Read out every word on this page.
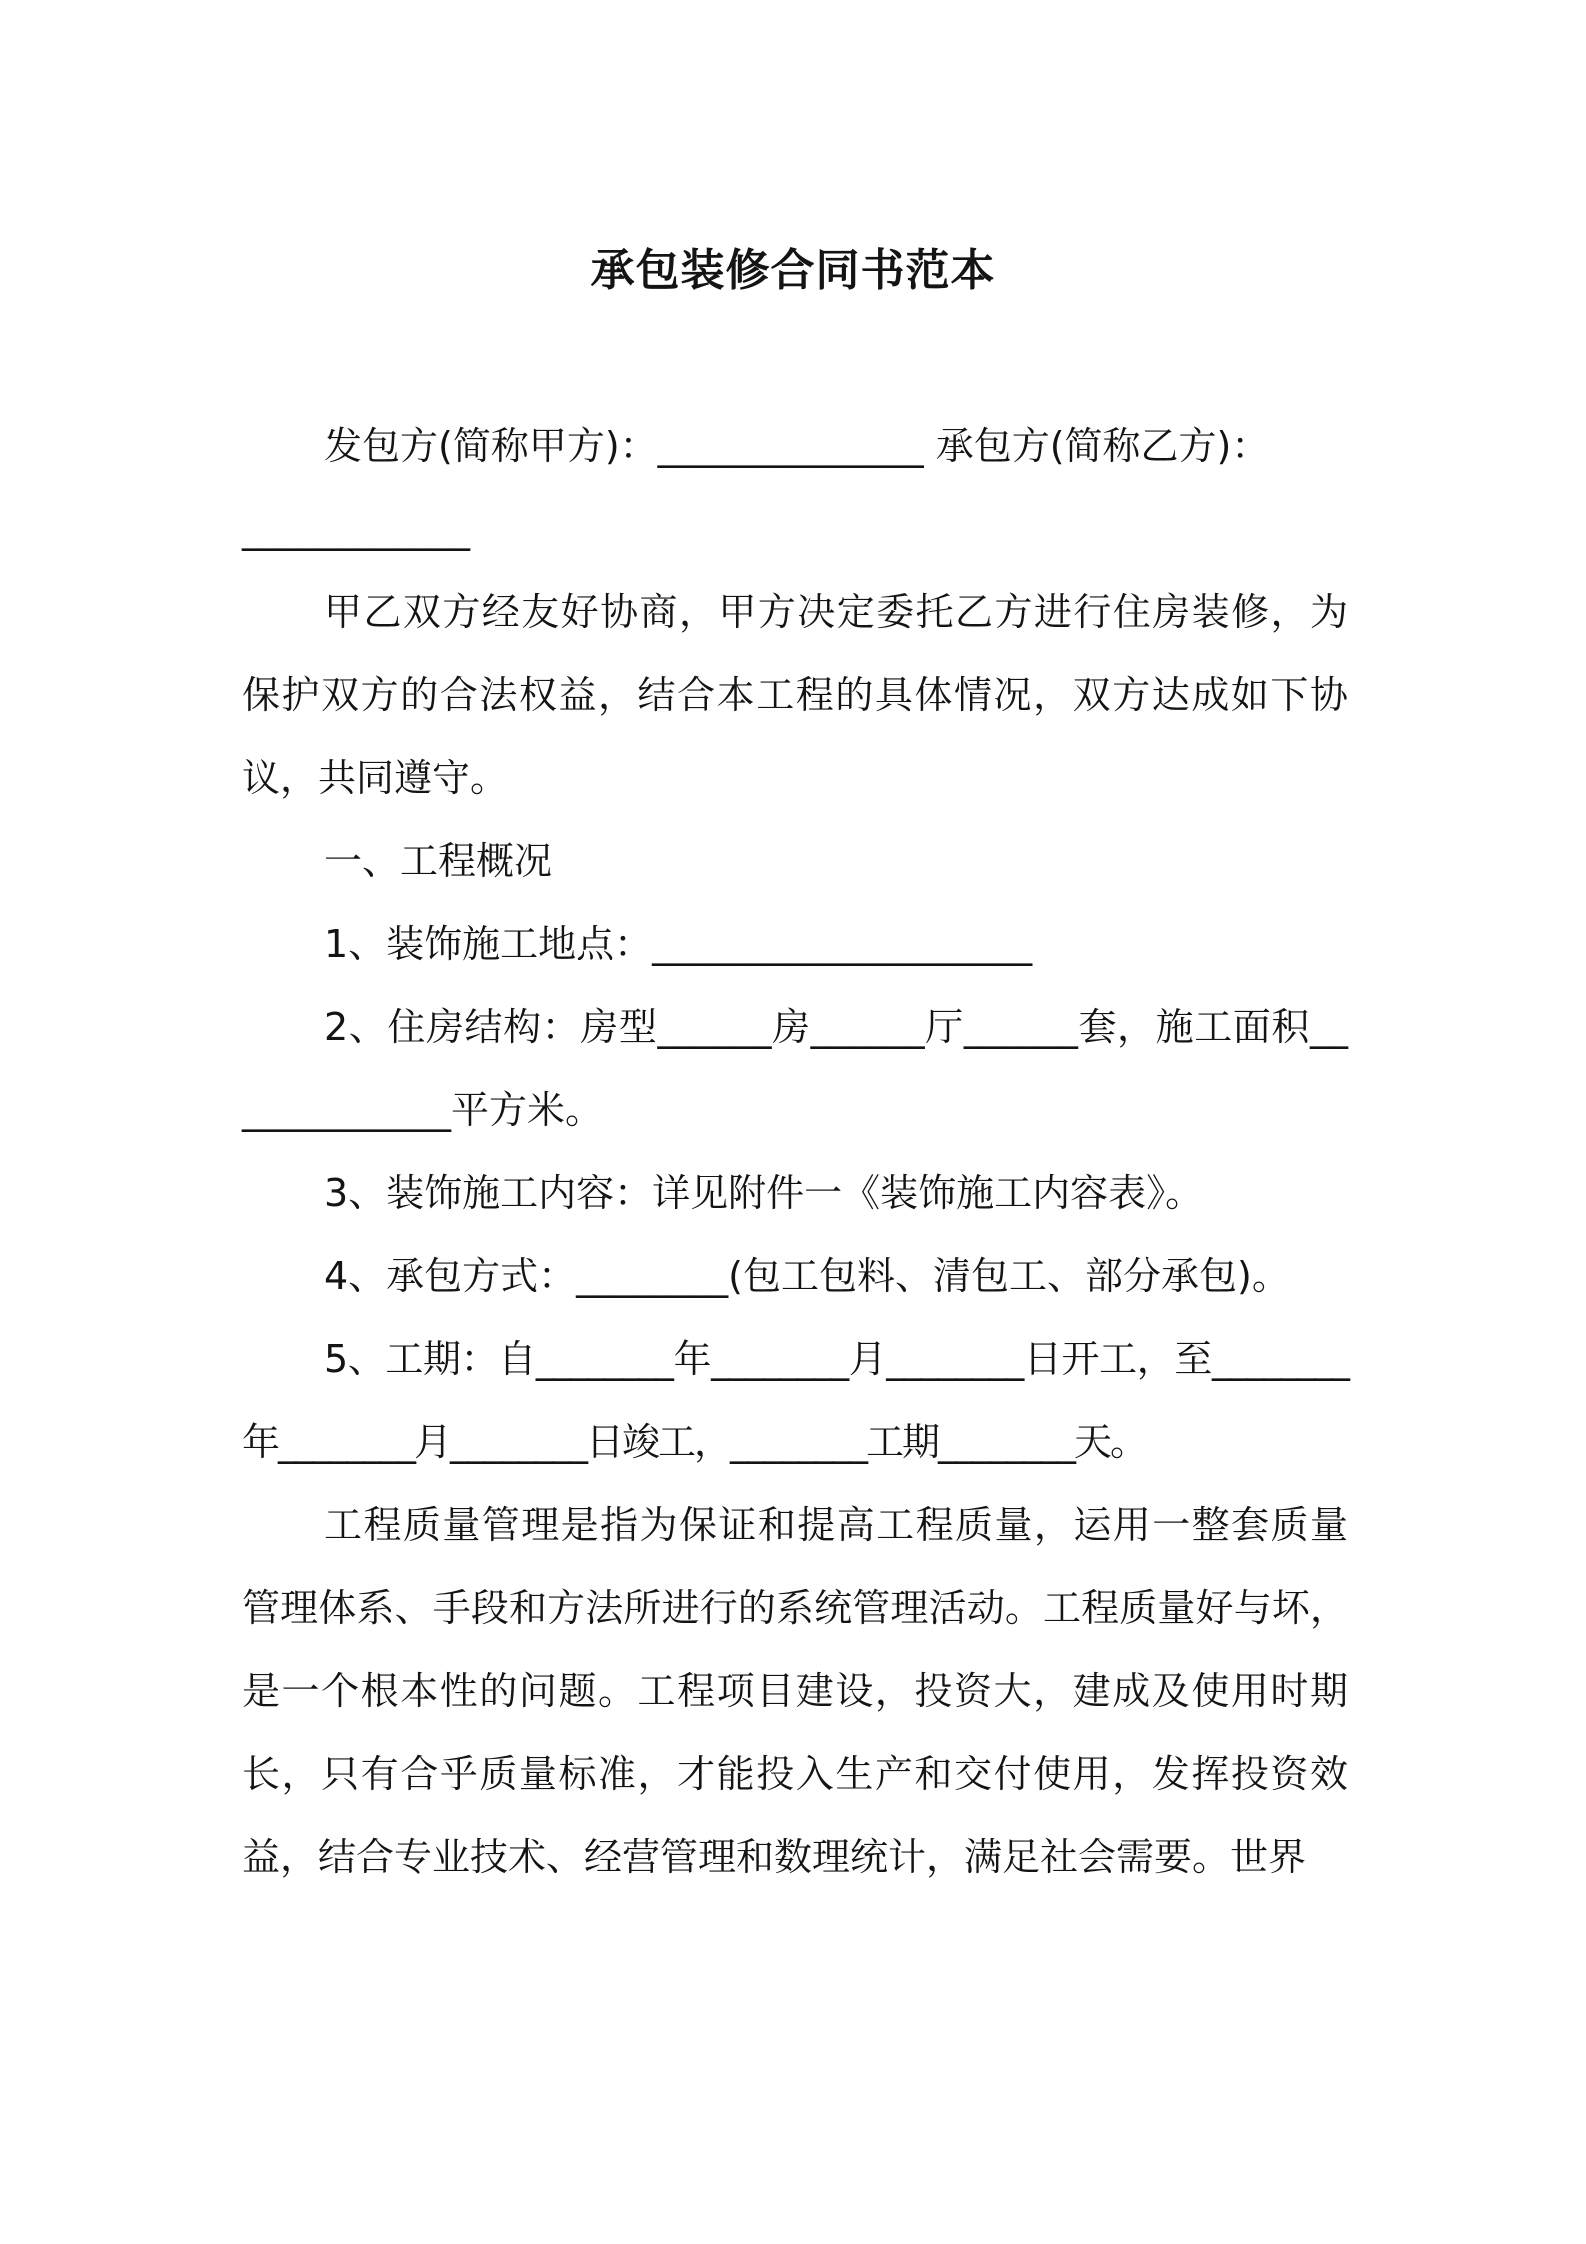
承包装修合同书范本

发包方(简称甲方)：______________ 承包方(简称乙方)：

____________

甲乙双方经友好协商，甲方决定委托乙方进行住房装修，为保护双方的合法权益，结合本工程的具体情况，双方达成如下协议，共同遵守。

一、工程概况

1、装饰施工地点：____________________

2、住房结构：房型______房______厅______套，施工面积_____________平方米。

3、装饰施工内容：详见附件一《装饰施工内容表》。

4、承包方式：________(包工包料、清包工、部分承包)。

5、工期：自________年________月________日开工，至________年________月________日竣工，________工期________天。

工程质量管理是指为保证和提高工程质量，运用一整套质量管理体系、手段和方法所进行的系统管理活动。工程质量好与坏，是一个根本性的问题。工程项目建设，投资大，建成及使用时期长，只有合乎质量标准，才能投入生产和交付使用，发挥投资效益，结合专业技术、经营管理和数理统计，满足社会需要。世界
